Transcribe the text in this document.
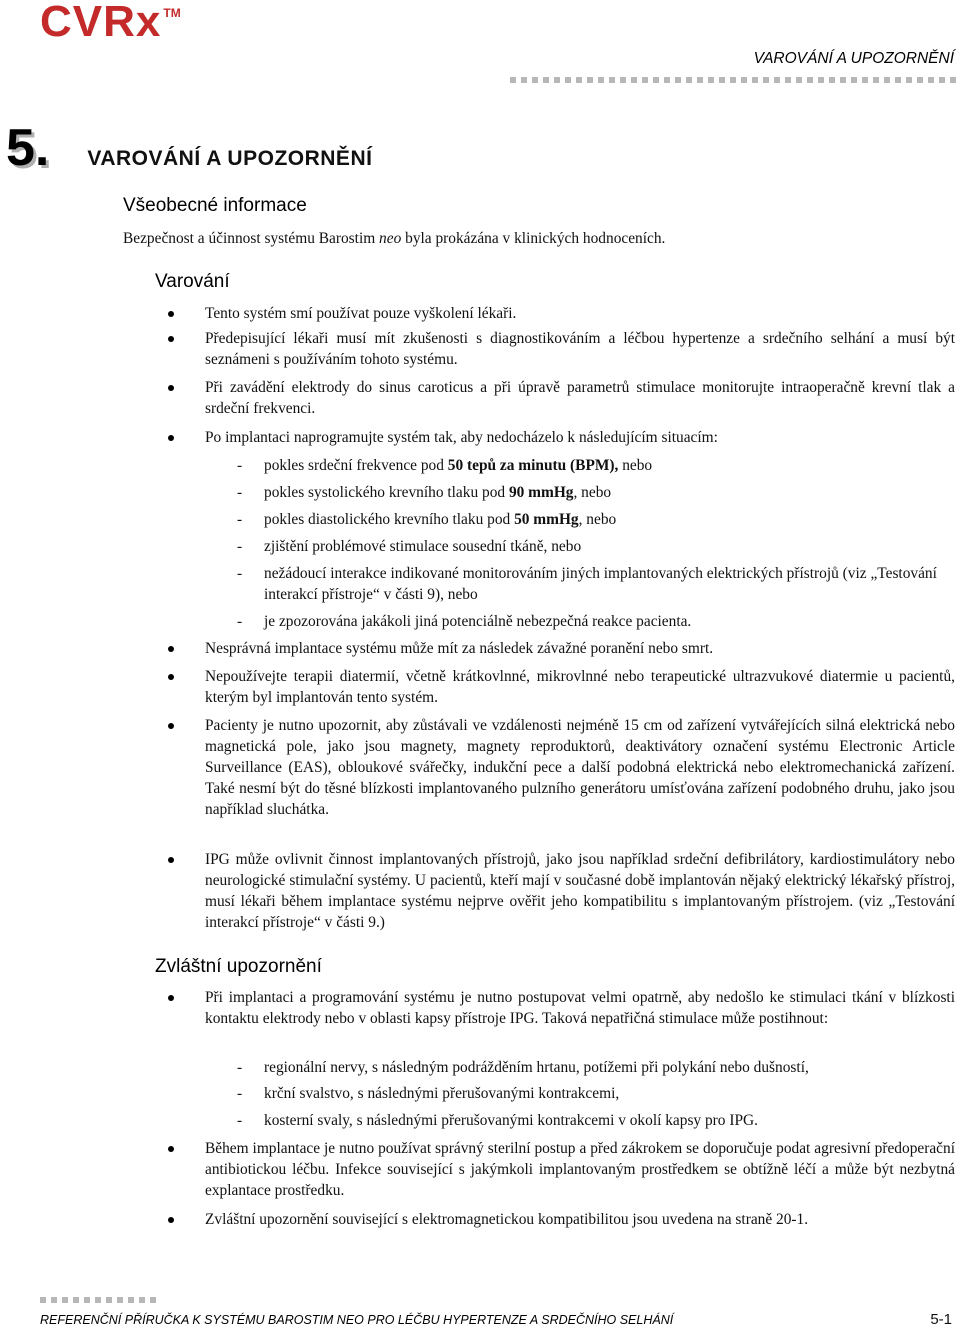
CVRx TM
VAROVÁNÍ A UPOZORNĚNÍ
5. VAROVÁNÍ A UPOZORNĚNÍ
Všeobecné informace
Bezpečnost a účinnost systému Barostim neo byla prokázána v klinických hodnoceních.
Varování
Tento systém smí používat pouze vyškolení lékaři.
Předepisující lékaři musí mít zkušenosti s diagnostikováním a léčbou hypertenze a srdečního selhání a musí být seznámeni s používáním tohoto systému.
Při zavádění elektrody do sinus caroticus a při úpravě parametrů stimulace monitorujte intraoperačně krevní tlak a srdeční frekvenci.
Po implantaci naprogramujte systém tak, aby nedocházelo k následujícím situacím:
- pokles srdeční frekvence pod 50 tepů za minutu (BPM), nebo
- pokles systolického krevního tlaku pod 90 mmHg, nebo
- pokles diastolického krevního tlaku pod 50 mmHg, nebo
- zjištění problémové stimulace sousední tkáně, nebo
- nežádoucí interakce indikované monitorováním jiných implantovaných elektrických přístrojů (viz „Testování interakcí přístroje“ v části 9), nebo
- je zpozorována jakákoli jiná potenciálně nebezpečná reakce pacienta.
Nesprávná implantace systému může mít za následek závažné poranění nebo smrt.
Nepoužívejte terapii diatermií, včetně krátkovlnné, mikrovlnné nebo terapeutické ultrazvukové diatermie u pacientů, kterým byl implantován tento systém.
Pacienty je nutno upozornit, aby zůstávali ve vzdálenosti nejméně 15 cm od zařízení vytvářejících silná elektrická nebo magnetická pole, jako jsou magnety, magnety reproduktorů, deaktivátory označení systému Electronic Article Surveillance (EAS), obloukové svářečky, indukční pece a další podobná elektrická nebo elektromechanická zařízení. Také nesmí být do těsné blízkosti implantovaného pulzního generátoru umísťována zařízení podobného druhu, jako jsou například sluchátka.
IPG může ovlivnit činnost implantovaných přístrojů, jako jsou například srdeční defibrilátory, kardiostimulátory nebo neurologické stimulační systémy. U pacientů, kteří mají v současné době implantován nějaký elektrický lékařský přístroj, musí lékaři během implantace systému nejprve ověřit jeho kompatibilitu s implantovaným přístrojem. (viz „Testování interakcí přístroje“ v části 9.)
Zvláštní upozornění
Při implantaci a programování systému je nutno postupovat velmi opatrně, aby nedošlo ke stimulaci tkání v blízkosti kontaktu elektrody nebo v oblasti kapsy přístroje IPG. Taková nepatřičná stimulace může postihnout:
- regionální nervy, s následným podrážděním hrtanu, potížemi při polykání nebo dušností,
- krční svalstvo, s následnými přerušovanými kontrakcemi,
- kosterní svaly, s následnými přerušovanými kontrakcemi v okolí kapsy pro IPG.
Během implantace je nutno používat správný sterilní postup a před zákrokem se doporučuje podat agresivní předoperační antibiotickou léčbu. Infekce související s jakýmkoli implantovaným prostředkem se obtížně léčí a může být nezbytná explantace prostředku.
Zvláštní upozornění související s elektromagnetickou kompatibilitou jsou uvedena na straně 20-1.
REFERENČNÍ PŘÍRUČKA K SYSTÉMU BAROSTIM NEO PRO LÉČBU HYPERTENZE A SRDEČNÍHO SELHÁNÍ	5-1
